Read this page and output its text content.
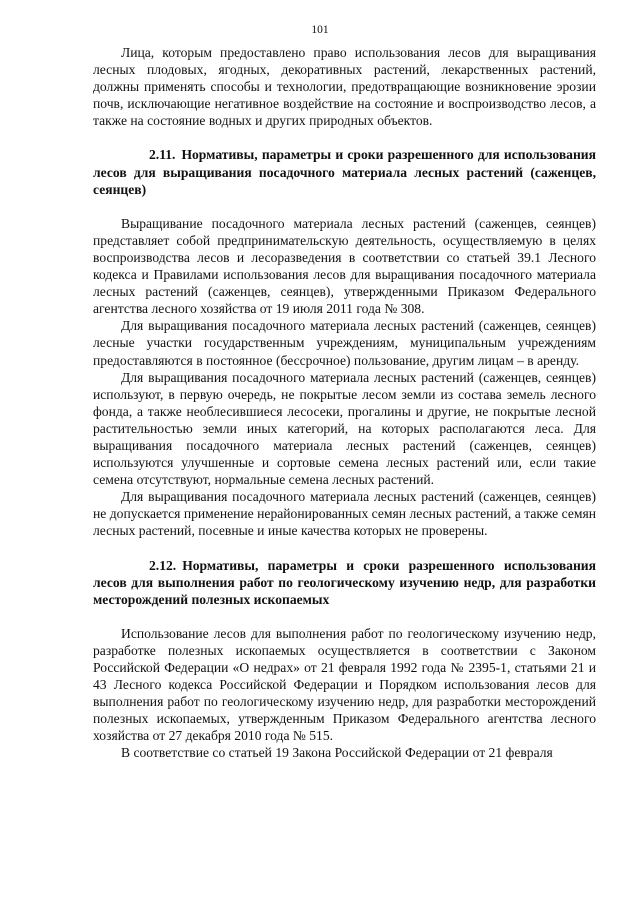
101

Лица, которым предоставлено право использования лесов для выращивания лесных плодовых, ягодных, декоративных растений, лекарственных растений, должны применять способы и технологии, предотвращающие возникновение эрозии почв, исключающие негативное воздействие на состояние и воспроизводство лесов, а также на состояние водных и других природных объектов.

2.11. Нормативы, параметры и сроки разрешенного для использования лесов для выращивания посадочного материала лесных растений (саженцев, сеянцев)

Выращивание посадочного материала лесных растений (саженцев, сеянцев) представляет собой предпринимательскую деятельность, осуществляемую в целях воспроизводства лесов и лесоразведения в соответствии со статьей 39.1 Лесного кодекса и Правилами использования лесов для выращивания посадочного материала лесных растений (саженцев, сеянцев), утвержденными Приказом Федерального агентства лесного хозяйства от 19 июля 2011 года № 308.

Для выращивания посадочного материала лесных растений (саженцев, сеянцев) лесные участки государственным учреждениям, муниципальным учреждениям предоставляются в постоянное (бессрочное) пользование, другим лицам – в аренду.

Для выращивания посадочного материала лесных растений (саженцев, сеянцев) используют, в первую очередь, не покрытые лесом земли из состава земель лесного фонда, а также необлесившиеся лесосеки, прогалины и другие, не покрытые лесной растительностью земли иных категорий, на которых располагаются леса. Для выращивания посадочного материала лесных растений (саженцев, сеянцев) используются улучшенные и сортовые семена лесных растений или, если такие семена отсутствуют, нормальные семена лесных растений.

Для выращивания посадочного материала лесных растений (саженцев, сеянцев) не допускается применение нерайонированных семян лесных растений, а также семян лесных растений, посевные и иные качества которых не проверены.

2.12. Нормативы, параметры и сроки разрешенного использования лесов для выполнения работ по геологическому изучению недр, для разработки месторождений полезных ископаемых

Использование лесов для выполнения работ по геологическому изучению недр, разработке полезных ископаемых осуществляется в соответствии с Законом Российской Федерации «О недрах» от 21 февраля 1992 года № 2395-1, статьями 21 и 43 Лесного кодекса Российской Федерации и Порядком использования лесов для выполнения работ по геологическому изучению недр, для разработки месторождений полезных ископаемых, утвержденным Приказом Федерального агентства лесного хозяйства от 27 декабря 2010 года № 515.

В соответствие со статьей 19 Закона Российской Федерации от 21 февраля
